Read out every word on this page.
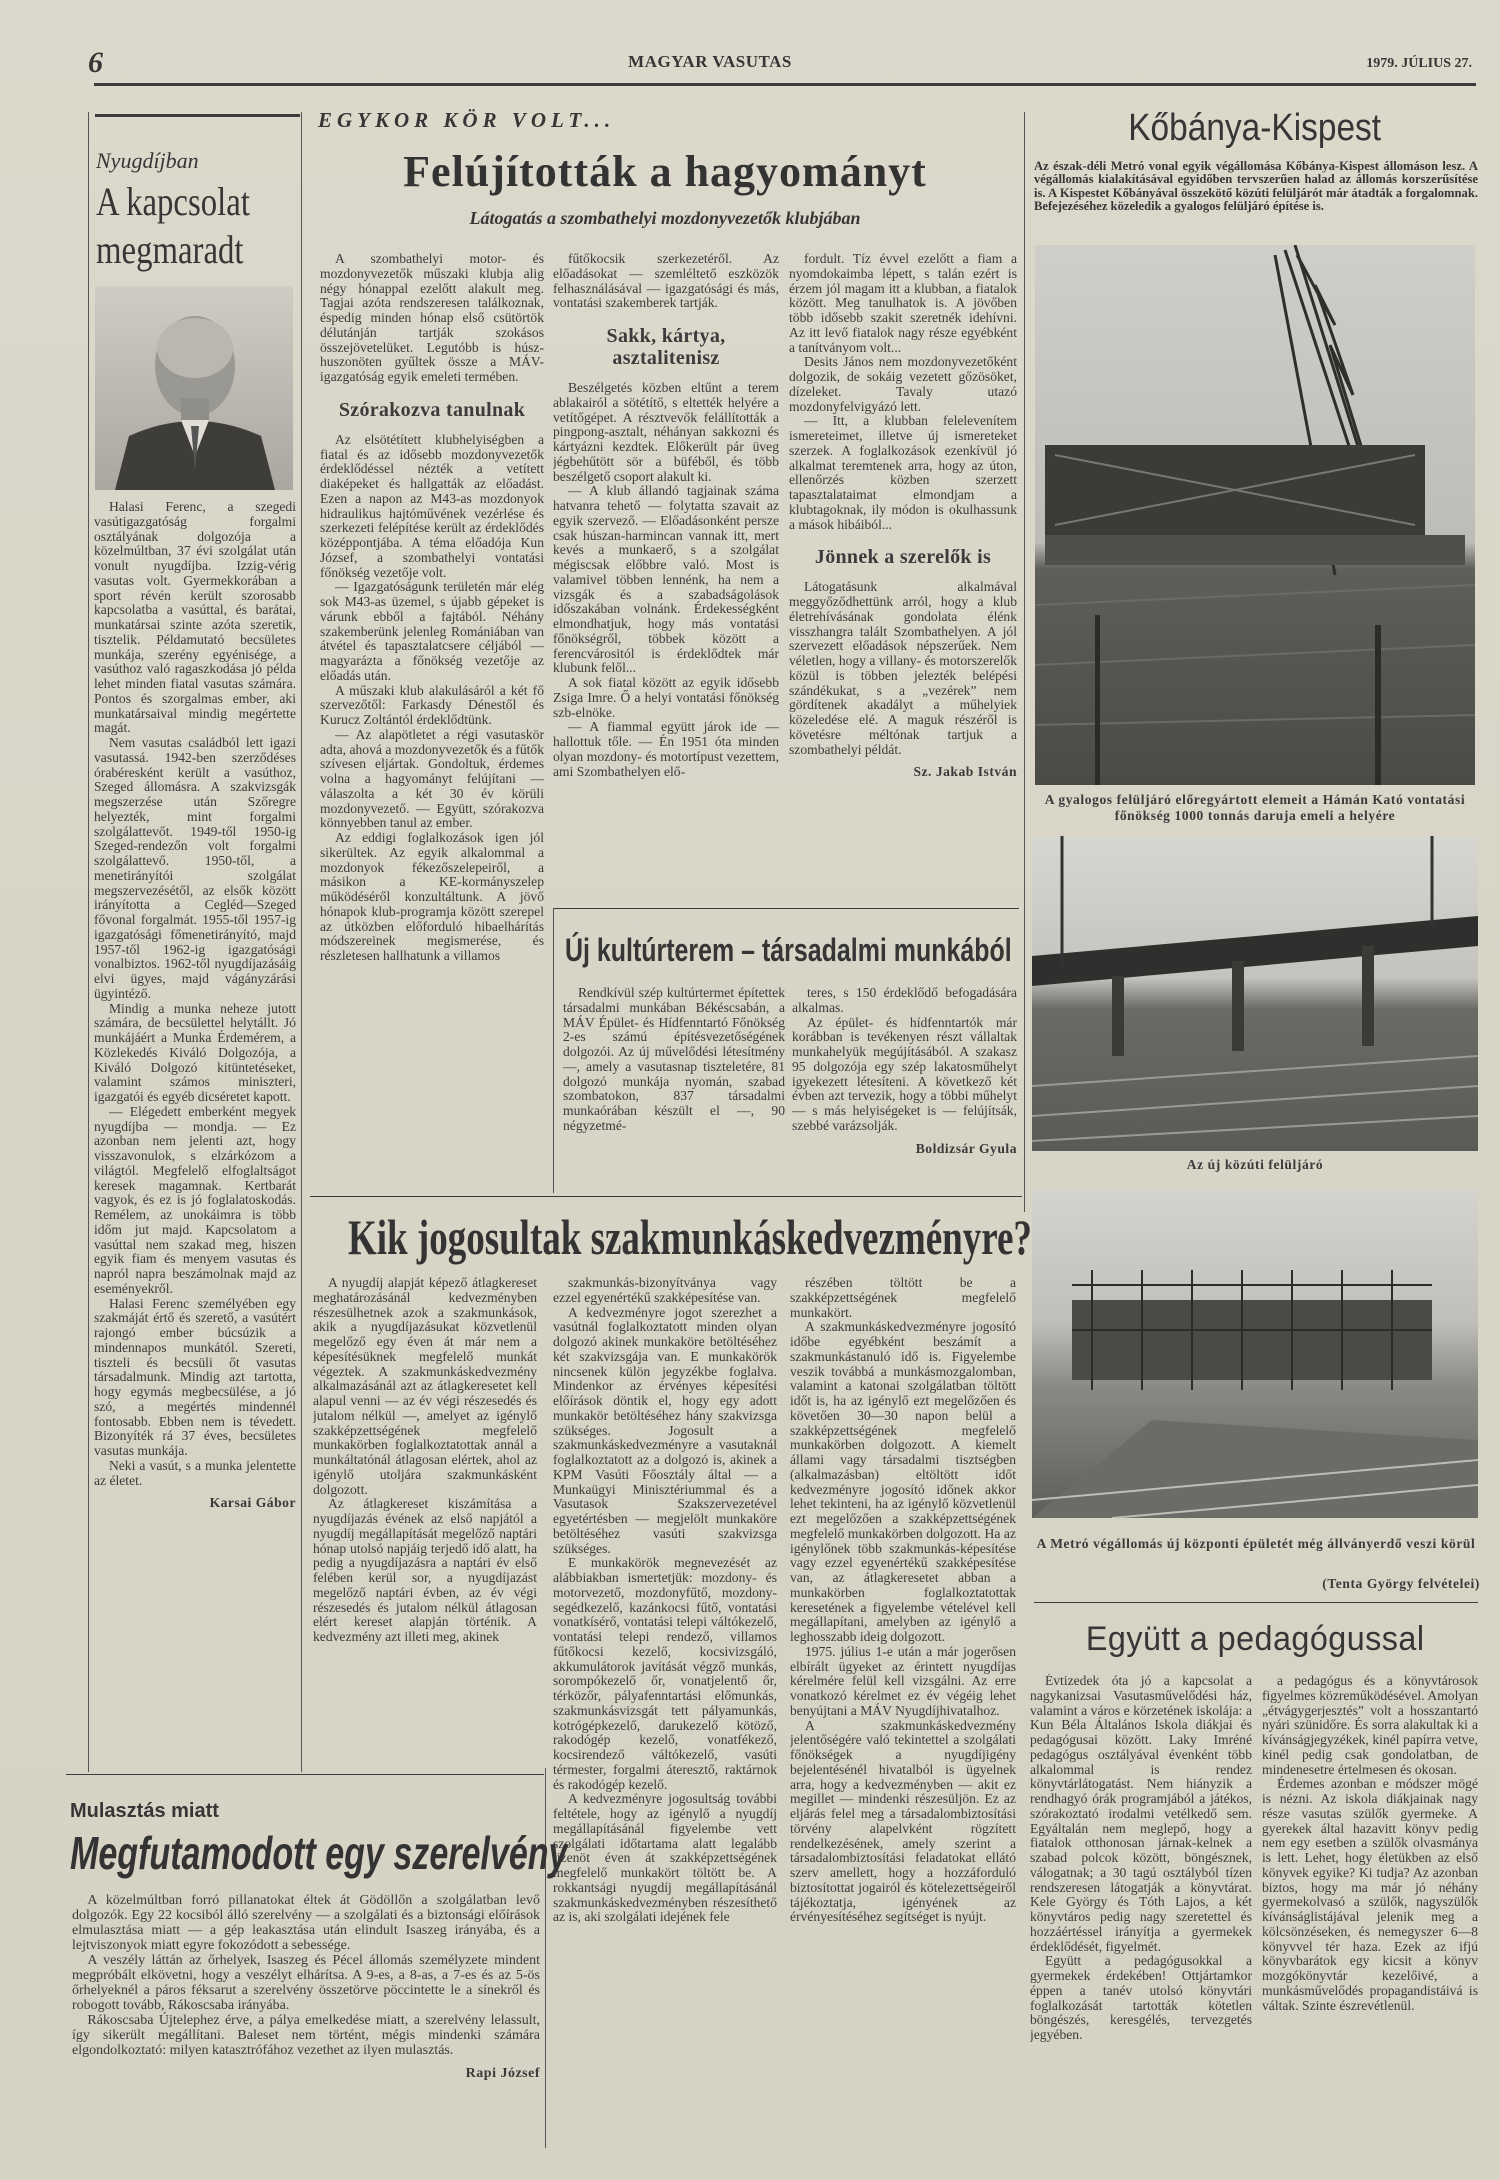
6	MAGYAR VASUTAS	1979. JÚLIUS 27.
Nyugdíjban
A kapcsolat
megmaradt

Halasi Ferenc, a szegedi vasútigazgatóság forgalmi osztályának dolgozója a közelmúltban, 37 évi szolgálat után vonult nyugdíjba. Izzig-vérig vasutas volt. Gyermekkorában a sport révén került szorosabb kapcsolatba a vasúttal, és barátai, munkatársai szinte azóta szeretik, tisztelik. Példamutató becsületes munkája, szerény egyénisége, a vasúthoz való ragaszkodása jó példa lehet minden fiatal vasutas számára. Pontos és szorgalmas ember, aki munkatársaival mindig megértette magát.

Nem vasutas családból lett igazi vasutassá. 1942-ben szerződéses órabéresként került a vasúthoz, Szeged állomásra. A szakvizsgák megszerzése után Szőregre helyezték, mint forgalmi szolgálattevőt. 1949-től 1950-ig Szeged-rendezőn volt forgalmi szolgálattevő. 1950-től, a menetirányítói szolgálat megszervezésétől, az elsők között irányította a Cegléd—Szeged fővonal forgalmát. 1955-től 1957-ig igazgatósági főmenetirányító, majd 1957-től 1962-ig igazgatósági vonalbiztos. 1962-től nyugdíjazásáig elvi ügyes, majd vágányzárási ügyintéző.

Mindig a munka neheze jutott számára, de becsülettel helytállt. Jó munkájáért a Munka Érdemérem, a Közlekedés Kiváló Dolgozója, a Kiváló Dolgozó kitüntetéseket, valamint számos miniszteri, igazgatói és egyéb dicséretet kapott.

— Elégedett emberként megyek nyugdíjba — mondja. — Ez azonban nem jelenti azt, hogy visszavonulok, s elzárkózom a világtól. Megfelelő elfoglaltságot keresek magamnak. Kertbarát vagyok, és ez is jó foglalatoskodás. Remélem, az unokáimra is több időm jut majd. Kapcsolatom a vasúttal nem szakad meg, hiszen egyik fiam és menyem vasutas és napról napra beszámolnak majd az eseményekről.

Halasi Ferenc személyében egy szakmáját értő és szerető, a vasútért rajongó ember búcsúzik a mindennapos munkától. Szereti, tiszteli és becsüli őt vasutas társadalmunk. Mindig azt tartotta, hogy egymás megbecsülése, a jó szó, a megértés mindennél fontosabb. Ebben nem is tévedett. Bizonyíték rá 37 éves, becsületes vasutas munkája.

Neki a vasút, s a munka jelentette az életet.

Karsai Gábor

EGYKOR KÖR VOLT...
Felújították a hagyományt
Látogatás a szombathelyi mozdonyvezetők klubjában

A szombathelyi motor- és mozdonyvezetők műszaki klubja alig négy hónappal ezelőtt alakult meg. Tagjai azóta rendszeresen találkoznak, éspedig minden hónap első csütörtök délutánján tartják szokásos összejövetelüket. Legutóbb is húsz-huszonöten gyűltek össze a MÁV-igazgatóság egyik emeleti termében.

Szórakozva tanulnak

Az elsötétített klubhelyiségben a fiatal és az idősebb mozdonyvezetők érdeklődéssel nézték a vetített diaképeket és hallgatták az előadást. Ezen a napon az M43-as mozdonyok hidraulikus hajtóművének vezérlése és szerkezeti felépítése került az érdeklődés középpontjába. A téma előadója Kun József, a szombathelyi vontatási főnökség vezetője volt.

— Igazgatóságunk területén már elég sok M43-as üzemel, s újabb gépeket is várunk ebből a fajtából. Néhány szakemberünk jelenleg Romániában van átvétel és tapasztalatcsere céljából — magyarázta a főnökség vezetője az előadás után.

A műszaki klub alakulásáról a két fő szervezőtől: Farkasdy Dénestől és Kurucz Zoltántól érdeklődtünk.

— Az alapötletet a régi vasutaskör adta, ahová a mozdonyvezetők és a fűtők szívesen eljártak. Gondoltuk, érdemes volna a hagyományt felújítani — válaszolta a két 30 év körüli mozdonyvezető. — Együtt, szórakozva könnyebben tanul az ember.

Az eddigi foglalkozások igen jól sikerültek. Az egyik alkalommal a mozdonyok fékezőszelepeiről, a másikon a KE-kormányszelep működéséről konzultáltunk. A jövő hónapok klub-programja között szerepel az útközben előforduló hibaelhárítás módszereinek megismerése, és részletesen hallhatunk a villamos

fűtőkocsik szerkezetéről. Az előadásokat — szemléltető eszközök felhasználásával — igazgatósági és más, vontatási szakemberek tartják.

Sakk, kártya, asztalitenisz

Beszélgetés közben eltűnt a terem ablakairól a sötétítő, s eltették helyére a vetítőgépet. A résztvevők felállították a pingpong-asztalt, néhányan sakkozni és kártyázni kezdtek. Előkerült pár üveg jégbehűtött sör a büféből, és több beszélgető csoport alakult ki.

— A klub állandó tagjainak száma hatvanra tehető — folytatta szavait az egyik szervező. — Előadásonként persze csak húszan-harmincan vannak itt, mert kevés a munkaerő, s a szolgálat mégiscsak előbbre való. Most is valamivel többen lennénk, ha nem a vizsgák és a szabadságolások időszakában volnánk. Érdekességként elmondhatjuk, hogy más vontatási főnökségről, többek között a ferencvárositól is érdeklődtek már klubunk felől...

A sok fiatal között az egyik idősebb Zsiga Imre. Ő a helyi vontatási főnökség szb-elnöke.

— A fiammal együtt járok ide — hallottuk tőle. — Én 1951 óta minden olyan mozdony- és motortípust vezettem, ami Szombathelyen elő-

fordult. Tíz évvel ezelőtt a fiam a nyomdokaimba lépett, s talán ezért is érzem jól magam itt a klubban, a fiatalok között. Meg tanulhatok is. A jövőben több idősebb szakit szeretnék idehívni. Az itt levő fiatalok nagy része egyébként a tanítványom volt...

Desits János nem mozdonyvezetőként dolgozik, de sokáig vezetett gőzösöket, dízeleket. Tavaly utazó mozdonyfelvigyázó lett.

— Itt, a klubban felelevenítem ismereteimet, illetve új ismereteket szerzek. A foglalkozások ezenkívül jó alkalmat teremtenek arra, hogy az úton, ellenőrzés közben szerzett tapasztalataimat elmondjam a klubtagoknak, ily módon is okulhassunk a mások hibáiból...

Jönnek a szerelők is

Látogatásunk alkalmával meggyőződhettünk arról, hogy a klub életrehívásának gondolata élénk visszhangra talált Szombathelyen. A jól szervezett előadások népszerűek. Nem véletlen, hogy a villany- és motorszerelők közül is többen jelezték belépési szándékukat, s a „vezérek” nem gördítenek akadályt a műhelyiek közeledése elé. A maguk részéről is követésre méltónak tartjuk a szombathelyi példát.

Sz. Jakab István

Új kultúrterem – társadalmi munkából

Rendkívül szép kultúrtermet építettek társadalmi munkában Békéscsabán, a MÁV Épület- és Hídfenntartó Főnökség 2-es számú építésvezetőségének dolgozói. Az új művelődési létesítmény —, amely a vasutasnap tiszteletére, 81 dolgozó munkája nyomán, szabad szombatokon, 837 társadalmi munkaórában készült el —, 90 négyzetmé-

teres, s 150 érdeklődő befogadására alkalmas.

Az épület- és hídfenntartók már korábban is tevékenyen részt vállaltak munkahelyük megújításából. A szakasz 95 dolgozója egy szép lakatosműhelyt igyekezett létesíteni. A következő két évben azt tervezik, hogy a többi műhelyt — s más helyiségeket is — felújítsák, szebbé varázsolják.

Boldizsár Gyula

Kik jogosultak szakmunkáskedvezményre?

A nyugdíj alapját képező átlagkereset meghatározásánál kedvezményben részesülhetnek azok a szakmunkások, akik a nyugdíjazásukat közvetlenül megelőző egy éven át már nem a képesítésüknek megfelelő munkát végeztek. A szakmunkáskedvezmény alkalmazásánál azt az átlagkeresetet kell alapul venni — az év végi részesedés és jutalom nélkül —, amelyet az igénylő szakképzettségének megfelelő munkakörben foglalkoztatottak annál a munkáltatónál átlagosan elértek, ahol az igénylő utoljára szakmunkásként dolgozott.

Az átlagkereset kiszámítása a nyugdíjazás évének az első napjától a nyugdíj megállapítását megelőző naptári hónap utolsó napjáig terjedő idő alatt, ha pedig a nyugdíjazásra a naptári év első felében kerül sor, a nyugdíjazást megelőző naptári évben, az év végi részesedés és jutalom nélkül átlagosan elért kereset alapján történik. A kedvezmény azt illeti meg, akinek

szakmunkás-bizonyítványa vagy ezzel egyenértékű szakképesítése van.

A kedvezményre jogot szerezhet a vasútnál foglalkoztatott minden olyan dolgozó akinek munkaköre betöltéséhez két szakvizsgája van. E munkakörök nincsenek külön jegyzékbe foglalva. Mindenkor az érvényes képesítési előírások döntik el, hogy egy adott munkakör betöltéséhez hány szakvizsga szükséges. Jogosult a szakmunkáskedvezményre a vasutaknál foglalkoztatott az a dolgozó is, akinek a KPM Vasúti Főosztály által — a Munkaügyi Minisztériummal és a Vasutasok Szakszervezetével egyetértésben — megjelölt munkaköre betöltéséhez vasúti szakvizsga szükséges.

E munkakörök megnevezését az alábbiakban ismertetjük: mozdony- és motorvezető, mozdonyfűtő, mozdony-segédkezelő, kazánkocsi fűtő, vontatási vonatkísérő, vontatási telepi váltókezelő, vontatási telepi rendező, villamos fűtőkocsi kezelő, kocsivizsgáló, akkumulátorok javítását végző munkás, sorompókezelő őr, vonatjelentő őr, térközőr, pályafenntartási előmunkás, szakmunkásvizsgát tett pályamunkás, kotrógépkezelő, darukezelő kötöző, rakodógép kezelő, vonatfékező, kocsirendező váltókezelő, vasúti térmester, forgalmi áteresztő, raktárnok és rakodógép kezelő.

A kedvezményre jogosultság további feltétele, hogy az igénylő a nyugdíj megállapításánál figyelembe vett szolgálati időtartama alatt legalább tizenöt éven át szakképzettségének megfelelő munkakört töltött be. A rokkantsági nyugdíj megállapításánál szakmunkáskedvezményben részesíthető az is, aki szolgálati idejének fele

részében töltött be a szakképzettségének megfelelő munkakört.

A szakmunkáskedvezményre jogosító időbe egyébként beszámít a szakmunkástanuló idő is. Figyelembe veszik továbbá a munkásmozgalomban, valamint a katonai szolgálatban töltött időt is, ha az igénylő ezt megelőzően és követően 30—30 napon belül a szakképzettségének megfelelő munkakörben dolgozott. A kiemelt állami vagy társadalmi tisztségben (alkalmazásban) eltöltött időt kedvezményre jogosító időnek akkor lehet tekinteni, ha az igénylő közvetlenül ezt megelőzően a szakképzettségének megfelelő munkakörben dolgozott. Ha az igénylőnek több szakmunkás-képesítése vagy ezzel egyenértékű szakképesítése van, az átlagkeresetet abban a munkakörben foglalkoztatottak keresetének a figyelembe vételével kell megállapítani, amelyben az igénylő a leghosszabb ideig dolgozott.

1975. július 1-e után a már jogerősen elbírált ügyeket az érintett nyugdíjas kérelmére felül kell vizsgálni. Az erre vonatkozó kérelmet ez év végéig lehet benyújtani a MÁV Nyugdíjhivatalhoz.

A szakmunkáskedvezmény jelentőségére való tekintettel a szolgálati főnökségek a nyugdíjigény bejelentésénél hivatalból is ügyelnek arra, hogy a kedvezményben — akit ez megillet — mindenki részesüljön. Ez az eljárás felel meg a társadalombiztosítási törvény alapelvként rögzített rendelkezésének, amely szerint a társadalombiztosítási feladatokat ellátó szerv amellett, hogy a hozzáforduló biztosítottat jogairól és kötelezettségeiről tájékoztatja, igényének az érvényesítéséhez segítséget is nyújt.

Mulasztás miatt
Megfutamodott egy szerelvény

A közelmúltban forró pillanatokat éltek át Gödöllőn a szolgálatban levő dolgozók. Egy 22 kocsiból álló szerelvény — a szolgálati és a biztonsági előírások elmulasztása miatt — a gép leakasztása után elindult Isaszeg irányába, és a lejtviszonyok miatt egyre fokozódott a sebessége.

A veszély láttán az őrhelyek, Isaszeg és Pécel állomás személyzete mindent megpróbált elkövetni, hogy a veszélyt elhárítsa. A 9-es, a 8-as, a 7-es és az 5-ös őrhelyeknél a páros féksarut a szerelvény összetörve pöccintette le a sínekről és robogott tovább, Rákoscsaba irányába.

Rákoscsaba Újtelephez érve, a pálya emelkedése miatt, a szerelvény lelassult, így sikerült megállítani. Baleset nem történt, mégis mindenki számára elgondolkoztató: milyen katasztrófához vezethet az ilyen mulasztás.

Rapi József

Kőbánya-Kispest
Az észak-déli Metró vonal egyik végállomása Kőbánya-Kispest állomáson lesz. A végállomás kialakításával egyidőben tervszerűen halad az állomás korszerűsítése is. A Kispestet Kőbányával összekötő közúti felüljárót már átadták a forgalomnak. Befejezéséhez közeledik a gyalogos felüljáró építése is.
A gyalogos felüljáró előregyártott elemeit a Hámán Kató vontatási főnökség 1000 tonnás daruja emeli a helyére
Az új közúti felüljáró
A Metró végállomás új központi épületét még állványerdő veszi körül
(Tenta György felvételei)
Együtt a pedagógussal

Évtizedek óta jó a kapcsolat a nagykanizsai Vasutasművelődési ház, valamint a város e körzetének iskolája: a Kun Béla Általános Iskola diákjai és pedagógusai között. Laky Imréné pedagógus osztályával évenként több alkalommal is rendez könyvtárlátogatást. Nem hiányzik a rendhagyó órák programjából a játékos, szórakoztató irodalmi vetélkedő sem. Egyáltalán nem meglepő, hogy a fiatalok otthonosan járnak-kelnek a szabad polcok között, böngésznek, válogatnak; a 30 tagú osztályból tízen rendszeresen látogatják a könyvtárat. Kele György és Tóth Lajos, a két könyvtáros pedig nagy szeretettel és hozzáértéssel irányítja a gyermekek érdeklődését, figyelmét.

Együtt a pedagógusokkal a gyermekek érdekében! Ottjártamkor éppen a tanév utolsó könyvtári foglalkozását tartották kötetlen böngészés, keresgélés, tervezgetés jegyében.

a pedagógus és a könyvtárosok figyelmes közreműködésével. Amolyan „étvágygerjesztés” volt a hosszantartó nyári szünidőre. És sorra alakultak ki a kívánságjegyzékek, kinél papírra vetve, kinél pedig csak gondolatban, de mindenesetre értelmesen és okosan.

Érdemes azonban e módszer mögé is nézni. Az iskola diákjainak nagy része vasutas szülők gyermeke. A gyerekek által hazavitt könyv pedig nem egy esetben a szülők olvasmánya is lett. Lehet, hogy életükben az első könyvek egyike? Ki tudja? Az azonban biztos, hogy ma már jó néhány gyermekolvasó a szülők, nagyszülők kívánságlistájával jelenik meg a kölcsönzéseken, és nemegyszer 6—8 könyvvel tér haza. Ezek az ifjú könyvbarátok egy kicsit a könyv mozgókönyvtár kezelőivé, a munkásművelődés propagandistáivá is váltak. Szinte észrevétlenül.
